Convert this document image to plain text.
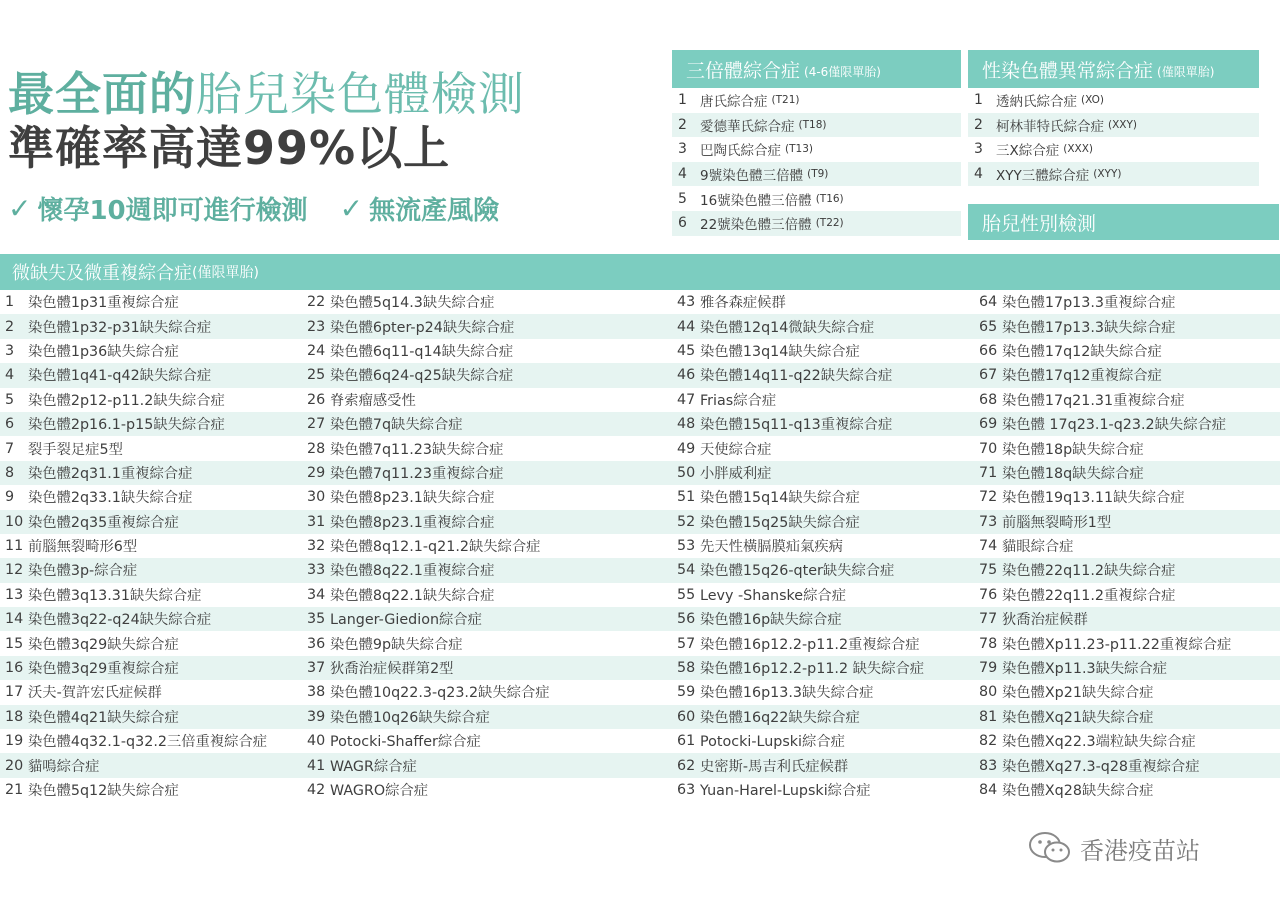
最全面的胎兒染色體檢測
準確率高達99%以上
✓ 懷孕10週即可進行檢測 ✓ 無流產風險
三倍體綜合症 (4-6僅限單胎)
1 唐氏綜合症 (T21)
2 愛德華氏綜合症 (T18)
3 巴陶氏綜合症 (T13)
4 9號染色體三倍體 (T9)
5 16號染色體三倍體 (T16)
6 22號染色體三倍體 (T22)
性染色體異常綜合症 (僅限單胎)
1 透納氏綜合症 (XO)
2 柯林菲特氏綜合症 (XXY)
3 三X綜合症 (XXX)
4 XYY三體綜合症 (XYY)
胎兒性別檢測
微缺失及微重複綜合症 (僅限單胎)
1 染色體1p31重複綜合症
2 染色體1p32-p31缺失綜合症
3 染色體1p36缺失綜合症
4 染色體1q41-q42缺失綜合症
5 染色體2p12-p11.2缺失綜合症
6 染色體2p16.1-p15缺失綜合症
7 裂手裂足症5型
8 染色體2q31.1重複綜合症
9 染色體2q33.1缺失綜合症
10 染色體2q35重複綜合症
11 前腦無裂畸形6型
12 染色體3p-綜合症
13 染色體3q13.31缺失綜合症
14 染色體3q22-q24缺失綜合症
15 染色體3q29缺失綜合症
16 染色體3q29重複綜合症
17 沃夫-賀許宏氏症候群
18 染色體4q21缺失綜合症
19 染色體4q32.1-q32.2三倍重複綜合症
20 貓鳴綜合症
21 染色體5q12缺失綜合症
22 染色體5q14.3缺失綜合症
23 染色體6pter-p24缺失綜合症
24 染色體6q11-q14缺失綜合症
25 染色體6q24-q25缺失綜合症
26 脊索瘤感受性
27 染色體7q缺失綜合症
28 染色體7q11.23缺失綜合症
29 染色體7q11.23重複綜合症
30 染色體8p23.1缺失綜合症
31 染色體8p23.1重複綜合症
32 染色體8q12.1-q21.2缺失綜合症
33 染色體8q22.1重複綜合症
34 染色體8q22.1缺失綜合症
35 Langer-Giedion綜合症
36 染色體9p缺失綜合症
37 狄喬治症候群第2型
38 染色體10q22.3-q23.2缺失綜合症
39 染色體10q26缺失綜合症
40 Potocki-Shaffer綜合症
41 WAGR綜合症
42 WAGRO綜合症
43 雅各森症候群
44 染色體12q14微缺失綜合症
45 染色體13q14缺失綜合症
46 染色體14q11-q22缺失綜合症
47 Frias綜合症
48 染色體15q11-q13重複綜合症
49 天使綜合症
50 小胖威利症
51 染色體15q14缺失綜合症
52 染色體15q25缺失綜合症
53 先天性橫膈膜疝氣疾病
54 染色體15q26-qter缺失綜合症
55 Levy -Shanske綜合症
56 染色體16p缺失綜合症
57 染色體16p12.2-p11.2重複綜合症
58 染色體16p12.2-p11.2 缺失綜合症
59 染色體16p13.3缺失綜合症
60 染色體16q22缺失綜合症
61 Potocki-Lupski綜合症
62 史密斯-馬吉利氏症候群
63 Yuan-Harel-Lupski綜合症
64 染色體17p13.3重複綜合症
65 染色體17p13.3缺失綜合症
66 染色體17q12缺失綜合症
67 染色體17q12重複綜合症
68 染色體17q21.31重複綜合症
69 染色體 17q23.1-q23.2缺失綜合症
70 染色體18p缺失綜合症
71 染色體18q缺失綜合症
72 染色體19q13.11缺失綜合症
73 前腦無裂畸形1型
74 貓眼綜合症
75 染色體22q11.2缺失綜合症
76 染色體22q11.2重複綜合症
77 狄喬治症候群
78 染色體Xp11.23-p11.22重複綜合症
79 染色體Xp11.3缺失綜合症
80 染色體Xp21缺失綜合症
81 染色體Xq21缺失綜合症
82 染色體Xq22.3端粒缺失綜合症
83 染色體Xq27.3-q28重複綜合症
84 染色體Xq28缺失綜合症
香港疫苗站
